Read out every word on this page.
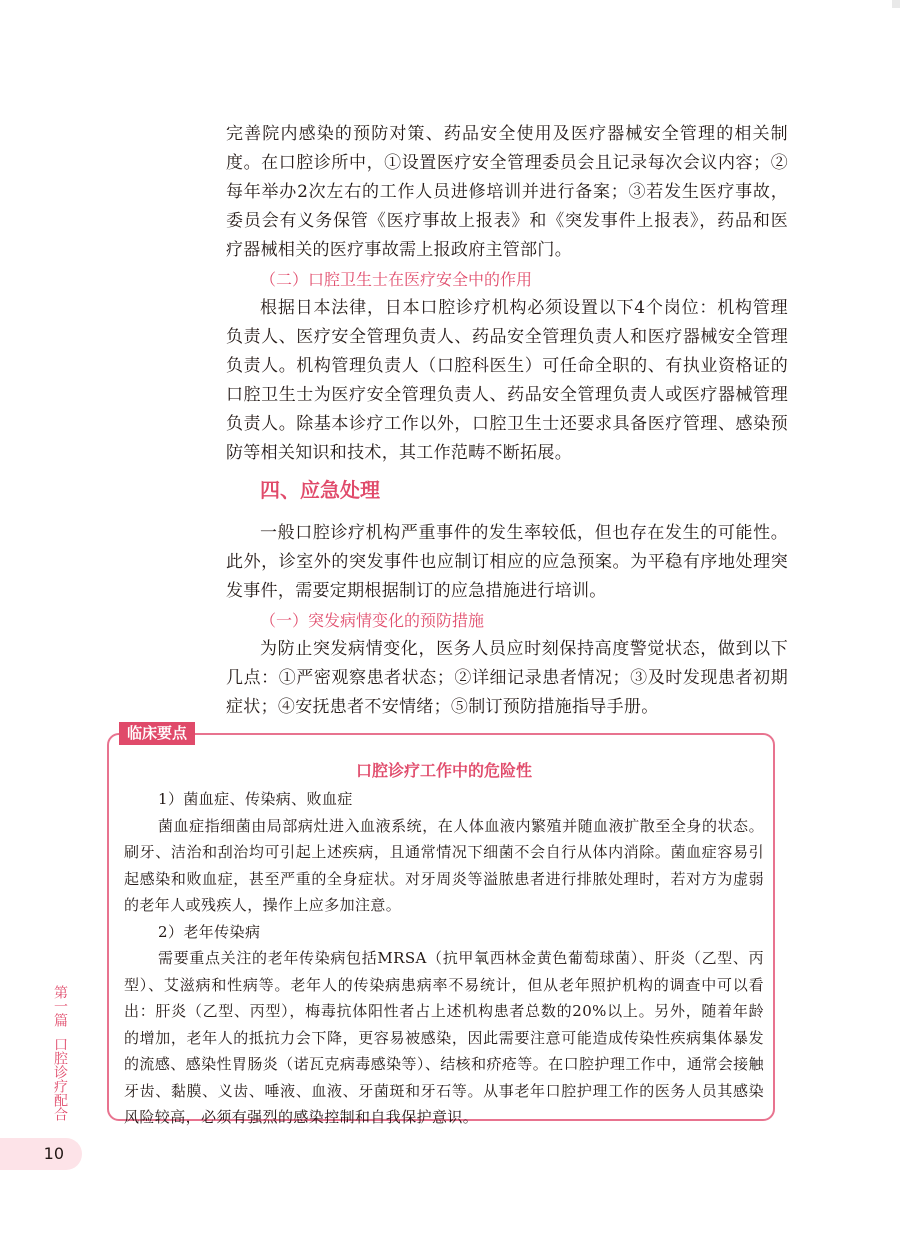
完善院内感染的预防对策、药品安全使用及医疗器械安全管理的相关制度。在口腔诊所中，①设置医疗安全管理委员会且记录每次会议内容；②每年举办2次左右的工作人员进修培训并进行备案；③若发生医疗事故，委员会有义务保管《医疗事故上报表》和《突发事件上报表》，药品和医疗器械相关的医疗事故需上报政府主管部门。

（二）口腔卫生士在医疗安全中的作用

根据日本法律，日本口腔诊疗机构必须设置以下4个岗位：机构管理负责人、医疗安全管理负责人、药品安全管理负责人和医疗器械安全管理负责人。机构管理负责人（口腔科医生）可任命全职的、有执业资格证的口腔卫生士为医疗安全管理负责人、药品安全管理负责人或医疗器械管理负责人。除基本诊疗工作以外，口腔卫生士还要求具备医疗管理、感染预防等相关知识和技术，其工作范畴不断拓展。

四、应急处理

一般口腔诊疗机构严重事件的发生率较低，但也存在发生的可能性。此外，诊室外的突发事件也应制订相应的应急预案。为平稳有序地处理突发事件，需要定期根据制订的应急措施进行培训。

（一）突发病情变化的预防措施

为防止突发病情变化，医务人员应时刻保持高度警觉状态，做到以下几点：①严密观察患者状态；②详细记录患者情况；③及时发现患者初期症状；④安抚患者不安情绪；⑤制订预防措施指导手册。

临床要点

口腔诊疗工作中的危险性

1）菌血症、传染病、败血症

菌血症指细菌由局部病灶进入血液系统，在人体血液内繁殖并随血液扩散至全身的状态。刷牙、洁治和刮治均可引起上述疾病，且通常情况下细菌不会自行从体内消除。菌血症容易引起感染和败血症，甚至严重的全身症状。对牙周炎等溢脓患者进行排脓处理时，若对方为虚弱的老年人或残疾人，操作上应多加注意。

2）老年传染病

需要重点关注的老年传染病包括MRSA（抗甲氧西林金黄色葡萄球菌）、肝炎（乙型、丙型）、艾滋病和性病等。老年人的传染病患病率不易统计，但从老年照护机构的调查中可以看出：肝炎（乙型、丙型），梅毒抗体阳性者占上述机构患者总数的20%以上。另外，随着年龄的增加，老年人的抵抗力会下降，更容易被感染，因此需要注意可能造成传染性疾病集体暴发的流感、感染性胃肠炎（诺瓦克病毒感染等）、结核和疥疮等。在口腔护理工作中，通常会接触牙齿、黏膜、义齿、唾液、血液、牙菌斑和牙石等。从事老年口腔护理工作的医务人员其感染风险较高，必须有强烈的感染控制和自我保护意识。

第一篇口腔诊疗配合
10
